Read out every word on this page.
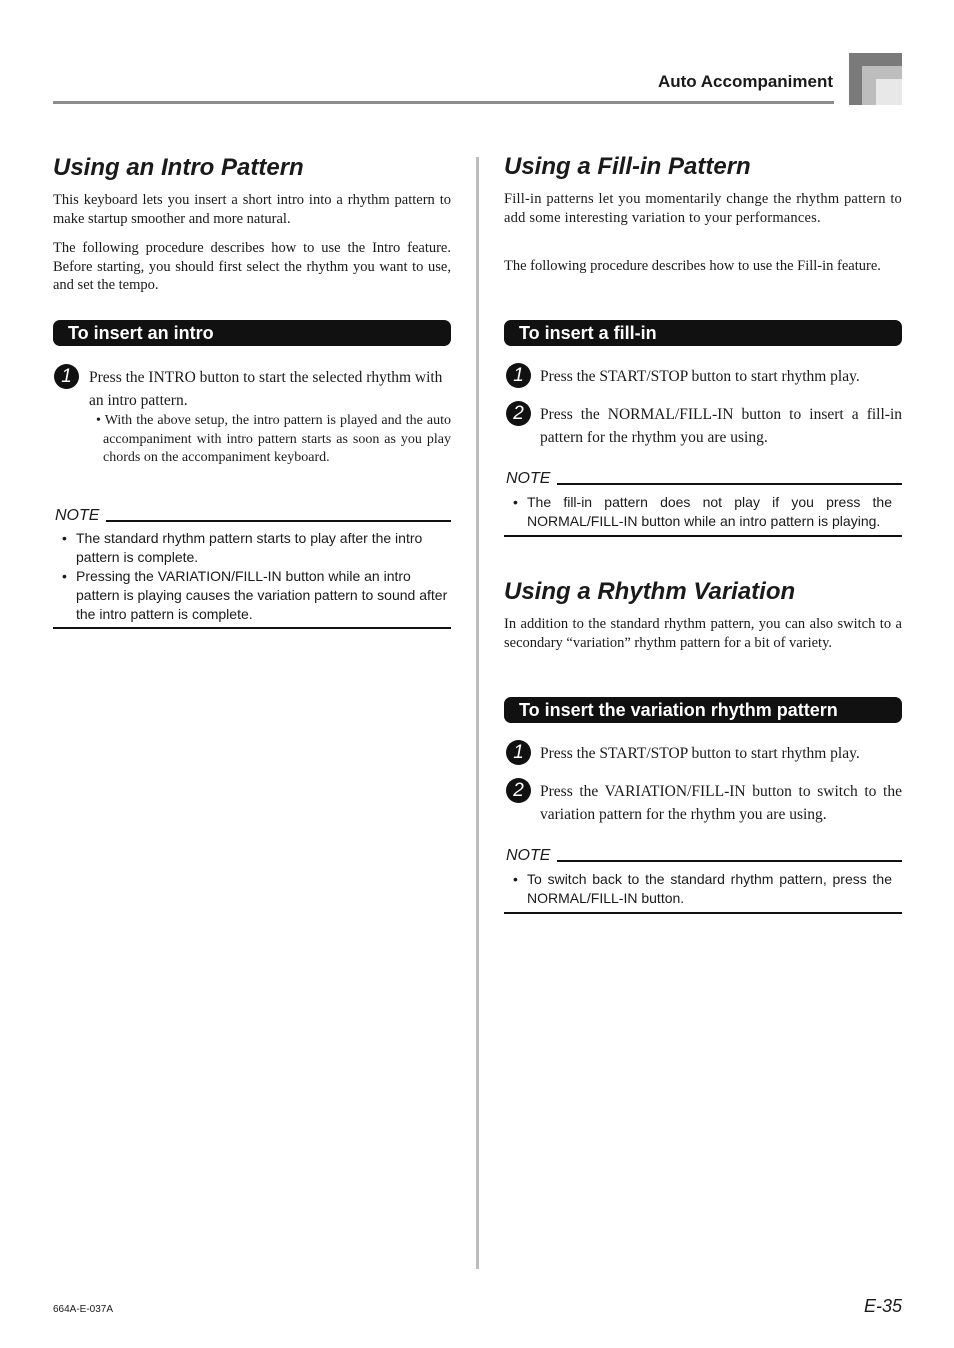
Auto Accompaniment
Using an Intro Pattern

This keyboard lets you insert a short intro into a rhythm pattern to make startup smoother and more natural.

The following procedure describes how to use the Intro feature. Before starting, you should first select the rhythm you want to use, and set the tempo.

To insert an intro
1	Press the INTRO button to start the selected rhythm with an intro pattern.

• With the above setup, the intro pattern is played and the auto accompaniment with intro pattern starts as soon as you play chords on the accompaniment keyboard.

NOTE
• The standard rhythm pattern starts to play after the intro pattern is complete.
• Pressing the VARIATION/FILL-IN button while an intro pattern is playing causes the variation pattern to sound after the intro pattern is complete.
Using a Fill-in Pattern

Fill-in patterns let you momentarily change the rhythm pattern to add some interesting variation to your performances.

The following procedure describes how to use the Fill-in feature.

To insert a fill-in
1	Press the START/STOP button to start rhythm play.

2	Press the NORMAL/FILL-IN button to insert a fill-in pattern for the rhythm you are using.

NOTE
• The fill-in pattern does not play if you press the NORMAL/FILL-IN button while an intro pattern is playing.
Using a Rhythm Variation

In addition to the standard rhythm pattern, you can also switch to a secondary “variation” rhythm pattern for a bit of variety.

To insert the variation rhythm pattern
1	Press the START/STOP button to start rhythm play.

2	Press the VARIATION/FILL-IN button to switch to the variation pattern for the rhythm you are using.

NOTE
• To switch back to the standard rhythm pattern, press the NORMAL/FILL-IN button.
664A-E-037A	E-35
